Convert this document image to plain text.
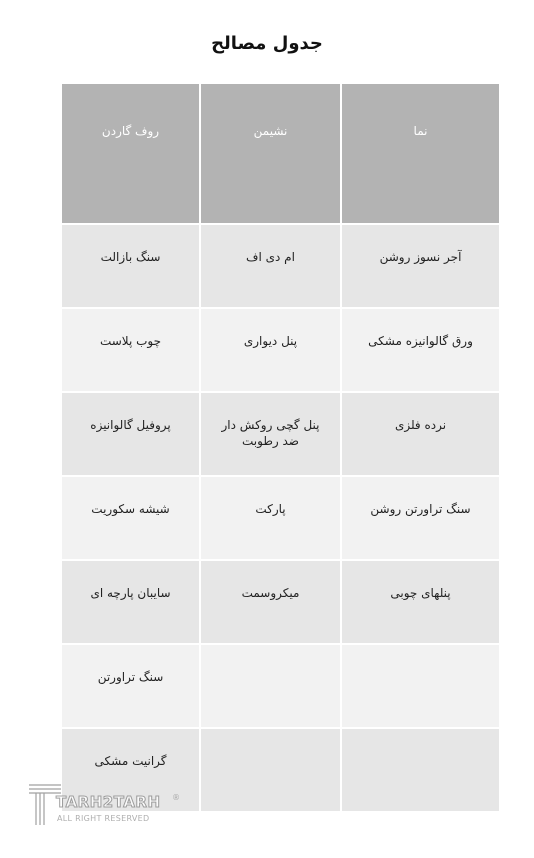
جدول مصالح
نما
نشیمن
روف گاردن
آجر نسوز روشن
ام دی اف
سنگ بازالت
ورق گالوانیزه مشکی
پنل دیواری
چوب پلاست
نرده فلزی
پنل گچی روکش دار ضد رطوبت
پروفیل گالوانیزه
سنگ تراورتن روشن
پارکت
شیشه سکوریت
پنلهای چوبی
میکروسمت
سایبان پارچه ای
سنگ تراورتن
گرانیت مشکی
TARH2TARH ®
ALL RIGHT RESERVED
